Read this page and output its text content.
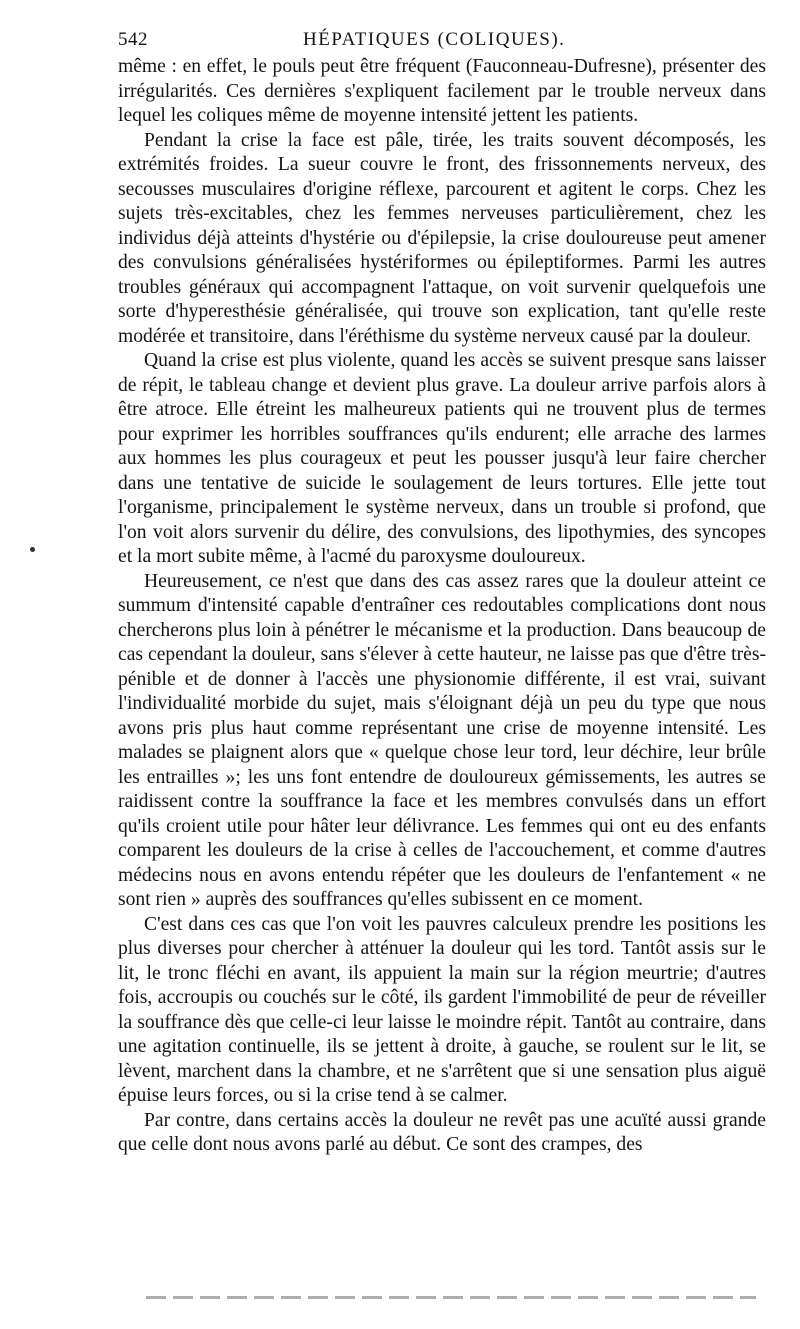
542	HÉPATIQUES (COLIQUES).

même : en effet, le pouls peut être fréquent (Fauconneau-Dufresne), présenter des irrégularités. Ces dernières s'expliquent facilement par le trouble nerveux dans lequel les coliques même de moyenne intensité jettent les patients.

Pendant la crise la face est pâle, tirée, les traits souvent décomposés, les extrémités froides. La sueur couvre le front, des frissonnements nerveux, des secousses musculaires d'origine réflexe, parcourent et agitent le corps. Chez les sujets très-excitables, chez les femmes nerveuses particulièrement, chez les individus déjà atteints d'hystérie ou d'épilepsie, la crise douloureuse peut amener des convulsions généralisées hystériformes ou épileptiformes. Parmi les autres troubles généraux qui accompagnent l'attaque, on voit survenir quelquefois une sorte d'hyperesthésie généralisée, qui trouve son explication, tant qu'elle reste modérée et transitoire, dans l'éréthisme du système nerveux causé par la douleur.

Quand la crise est plus violente, quand les accès se suivent presque sans laisser de répit, le tableau change et devient plus grave. La douleur arrive parfois alors à être atroce. Elle étreint les malheureux patients qui ne trouvent plus de termes pour exprimer les horribles souffrances qu'ils endurent; elle arrache des larmes aux hommes les plus courageux et peut les pousser jusqu'à leur faire chercher dans une tentative de suicide le soulagement de leurs tortures. Elle jette tout l'organisme, principalement le système nerveux, dans un trouble si profond, que l'on voit alors survenir du délire, des convulsions, des lipothymies, des syncopes et la mort subite même, à l'acmé du paroxysme douloureux.

Heureusement, ce n'est que dans des cas assez rares que la douleur atteint ce summum d'intensité capable d'entraîner ces redoutables complications dont nous chercherons plus loin à pénétrer le mécanisme et la production. Dans beaucoup de cas cependant la douleur, sans s'élever à cette hauteur, ne laisse pas que d'être très-pénible et de donner à l'accès une physionomie différente, il est vrai, suivant l'individualité morbide du sujet, mais s'éloignant déjà un peu du type que nous avons pris plus haut comme représentant une crise de moyenne intensité. Les malades se plaignent alors que « quelque chose leur tord, leur déchire, leur brûle les entrailles »; les uns font entendre de douloureux gémissements, les autres se raidissent contre la souffrance la face et les membres convulsés dans un effort qu'ils croient utile pour hâter leur délivrance. Les femmes qui ont eu des enfants comparent les douleurs de la crise à celles de l'accouchement, et comme d'autres médecins nous en avons entendu répéter que les douleurs de l'enfantement « ne sont rien » auprès des souffrances qu'elles subissent en ce moment.

C'est dans ces cas que l'on voit les pauvres calculeux prendre les positions les plus diverses pour chercher à atténuer la douleur qui les tord. Tantôt assis sur le lit, le tronc fléchi en avant, ils appuient la main sur la région meurtrie; d'autres fois, accroupis ou couchés sur le côté, ils gardent l'immobilité de peur de réveiller la souffrance dès que celle-ci leur laisse le moindre répit. Tantôt au contraire, dans une agitation continuelle, ils se jettent à droite, à gauche, se roulent sur le lit, se lèvent, marchent dans la chambre, et ne s'arrêtent que si une sensation plus aiguë épuise leurs forces, ou si la crise tend à se calmer.

Par contre, dans certains accès la douleur ne revêt pas une acuïté aussi grande que celle dont nous avons parlé au début. Ce sont des crampes, des
